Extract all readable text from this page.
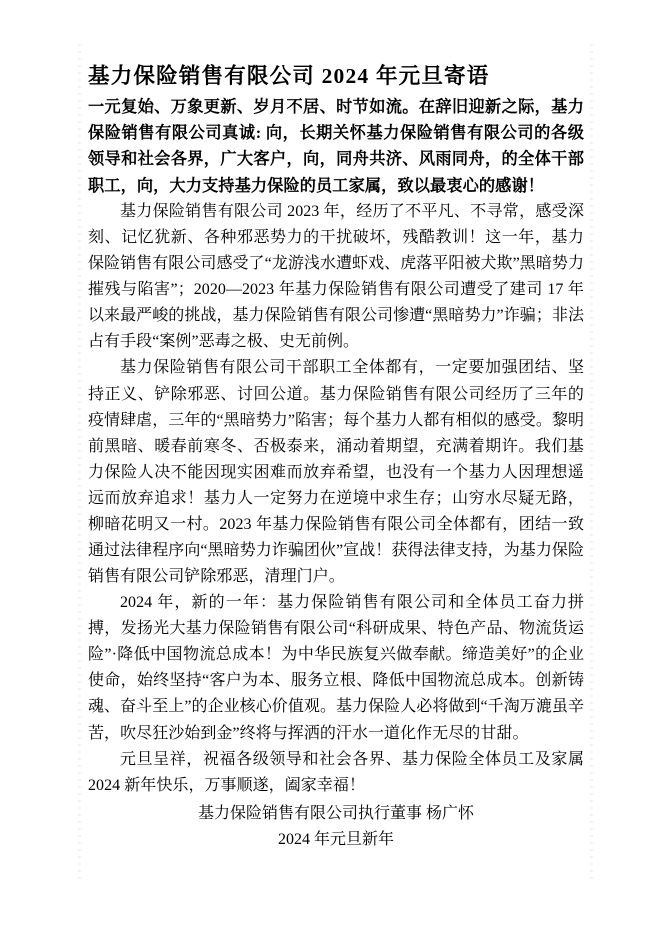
基力保险销售有限公司 2024 年元旦寄语
一元复始、万象更新、岁月不居、时节如流。在辞旧迎新之际，基力保险销售有限公司真诚: 向，长期关怀基力保险销售有限公司的各级领导和社会各界，广大客户，向，同舟共济、风雨同舟，的全体干部职工，向，大力支持基力保险的员工家属，致以最衷心的感谢！

基力保险销售有限公司 2023 年，经历了不平凡、不寻常，感受深刻、记忆犹新、各种邪恶势力的干扰破坏，残酷教训！这一年，基力保险销售有限公司感受了“龙游浅水遭虾戏、虎落平阳被犬欺”黑暗势力摧残与陷害”；2020—2023 年基力保险销售有限公司遭受了建司 17 年以来最严峻的挑战，基力保险销售有限公司惨遭“黑暗势力”诈骗；非法占有手段“案例”恶毒之极、史无前例。

基力保险销售有限公司干部职工全体都有，一定要加强团结、坚持正义、铲除邪恶、讨回公道。基力保险销售有限公司经历了三年的疫情肆虐，三年的“黑暗势力”陷害；每个基力人都有相似的感受。黎明前黑暗、暖春前寒冬、否极泰来，涌动着期望，充满着期许。我们基力保险人决不能因现实困难而放弃希望，也没有一个基力人因理想遥远而放弃追求！基力人一定努力在逆境中求生存；山穷水尽疑无路，柳暗花明又一村。2023 年基力保险销售有限公司全体都有，团结一致通过法律程序向“黑暗势力诈骗团伙”宣战！获得法律支持，为基力保险销售有限公司铲除邪恶，清理门户。

2024 年，新的一年：基力保险销售有限公司和全体员工奋力拼搏，发扬光大基力保险销售有限公司“科研成果、特色产品、物流货运险”·降低中国物流总成本！为中华民族复兴做奉献。缔造美好”的企业使命，始终坚持“客户为本、服务立根、降低中国物流总成本。创新铸魂、奋斗至上”的企业核心价值观。基力保险人必将做到“千淘万漉虽辛苦，吹尽狂沙始到金”终将与挥洒的汗水一道化作无尽的甘甜。

元旦呈祥，祝福各级领导和社会各界、基力保险全体员工及家属 2024 新年快乐，万事顺遂，阖家幸福！

基力保险销售有限公司执行董事 杨广怀
2024 年元旦新年
